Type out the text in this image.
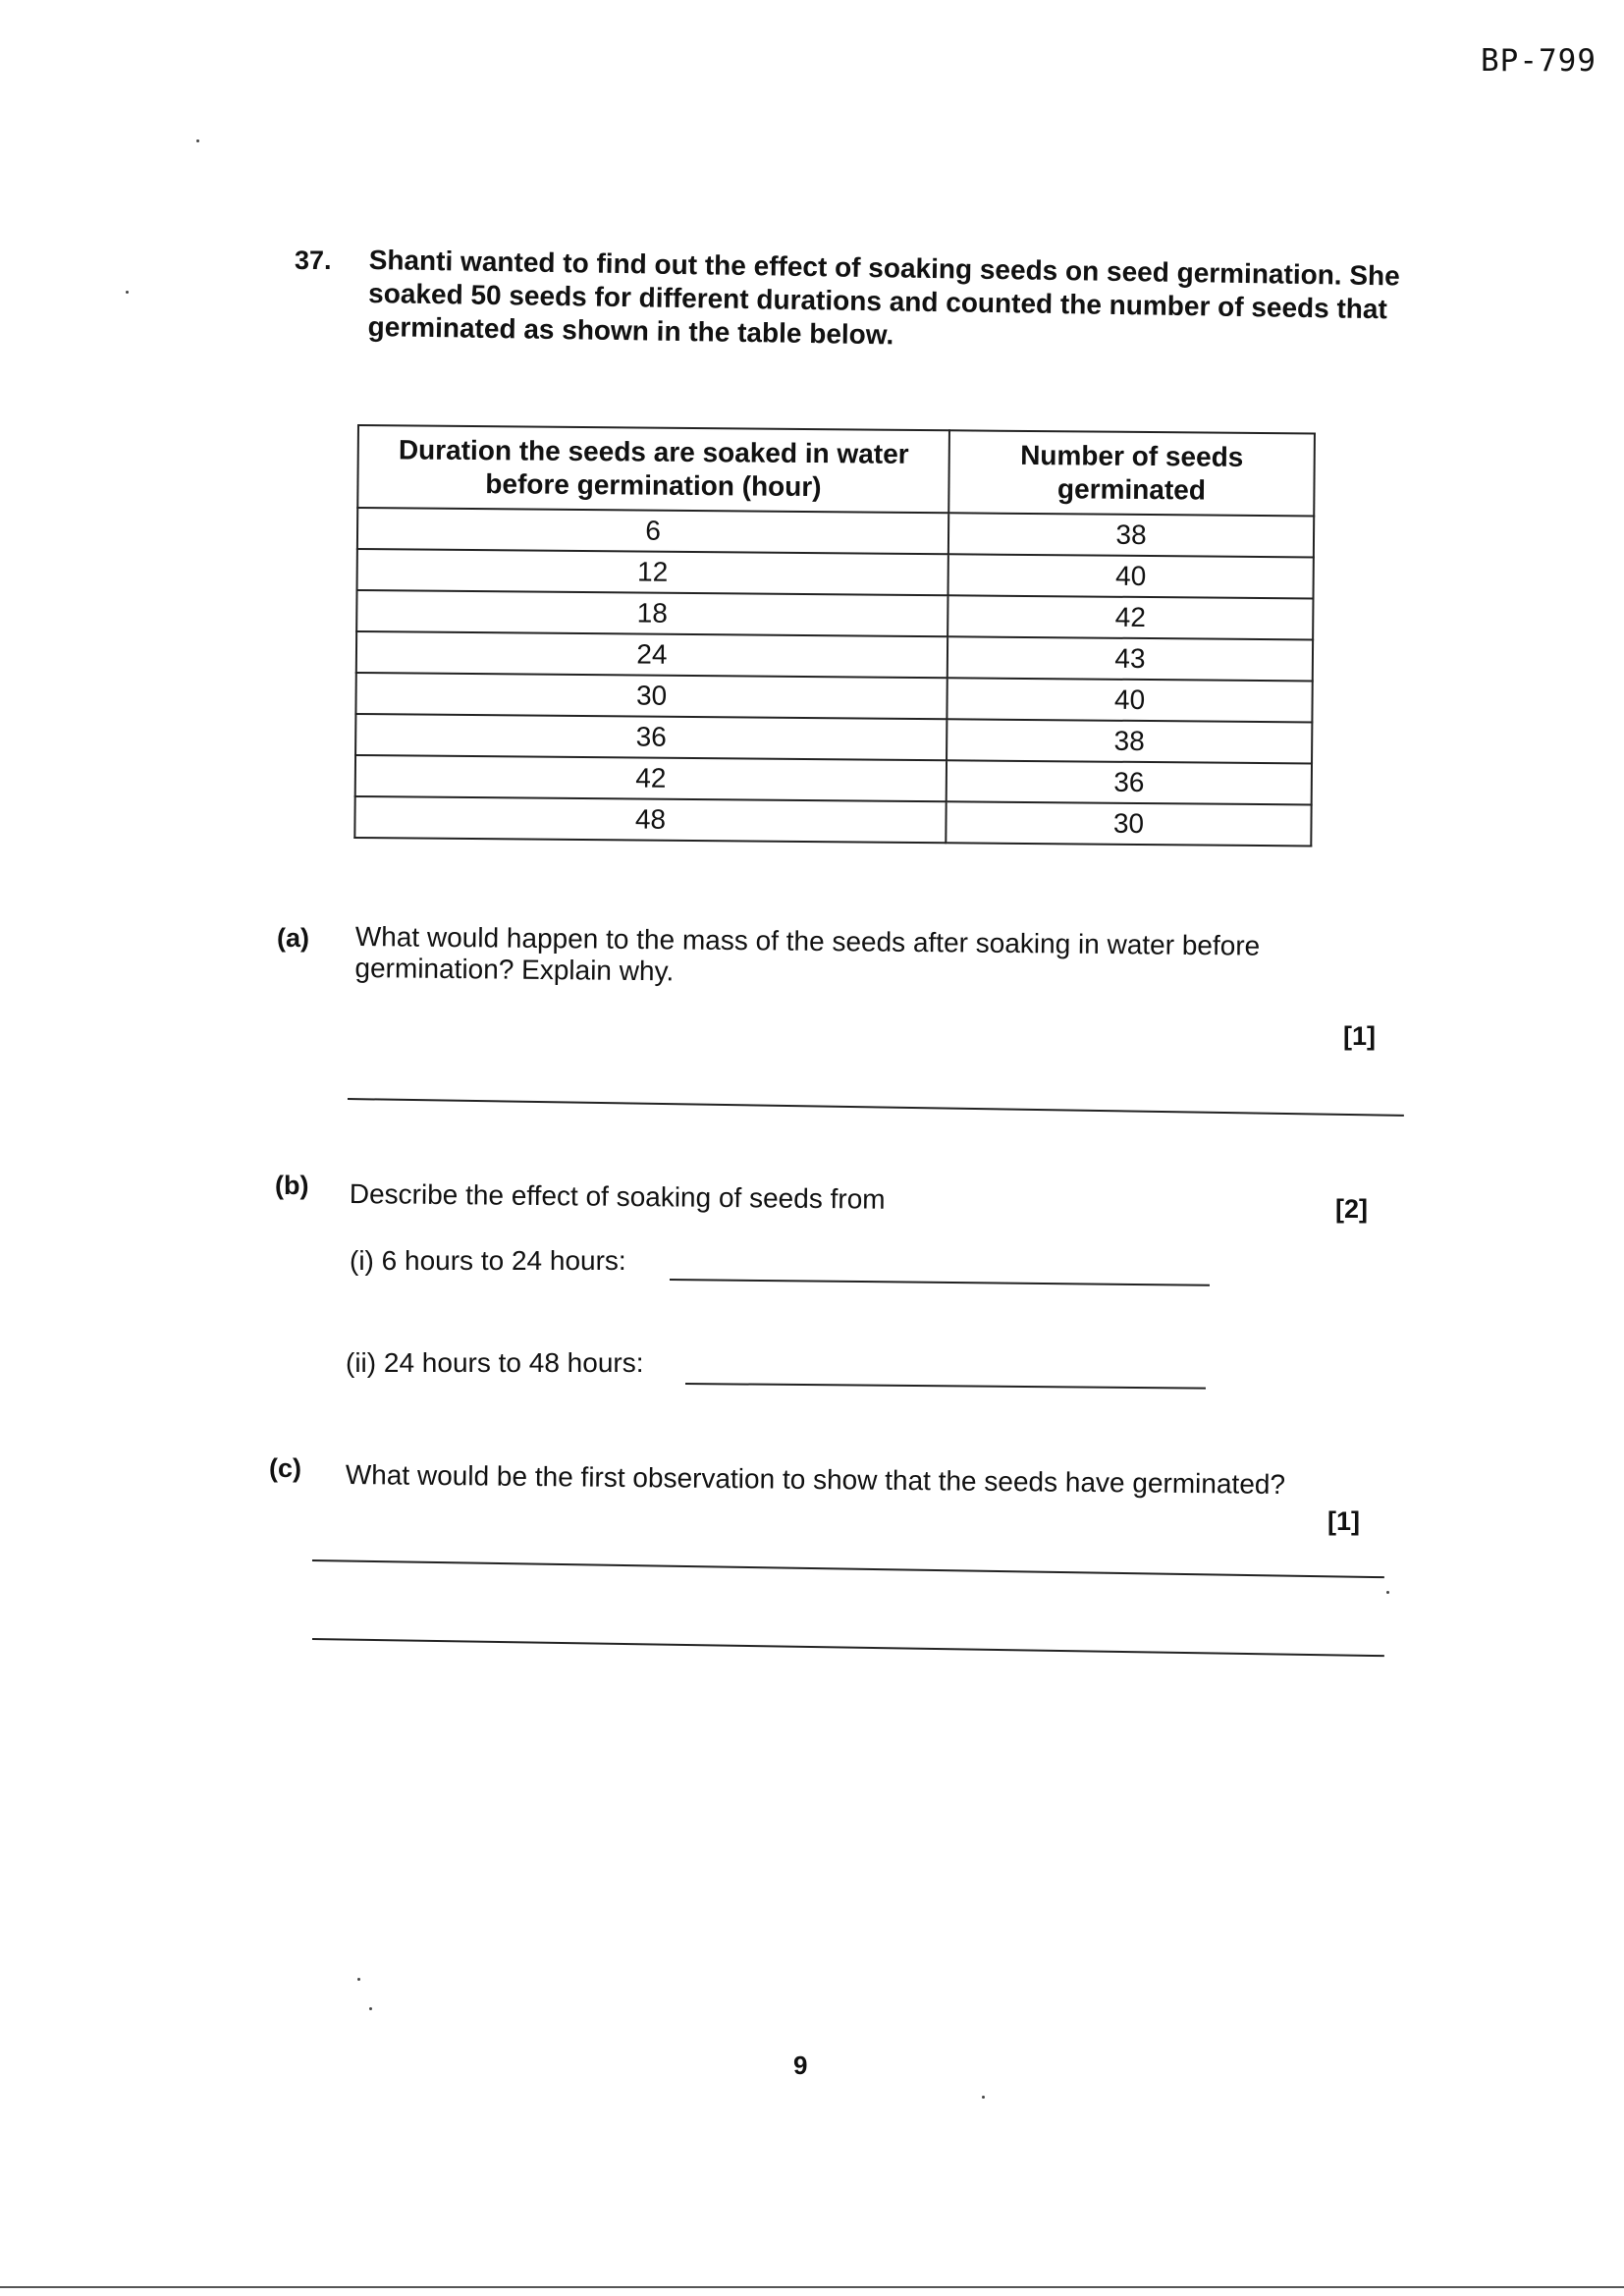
BP-799
37. Shanti wanted to find out the effect of soaking seeds on seed germination. She soaked 50 seeds for different durations and counted the number of seeds that germinated as shown in the table below.
Duration the seeds are soaked in water before germination (hour)	Number of seeds germinated
6	38
12	40
18	42
24	43
30	40
36	38
42	36
48	30
(a) What would happen to the mass of the seeds after soaking in water before germination? Explain why.
[1]
(b) Describe the effect of soaking of seeds from	[2]
(i) 6 hours to 24 hours:
(ii) 24 hours to 48 hours:
(c) What would be the first observation to show that the seeds have germinated?
[1]
9
